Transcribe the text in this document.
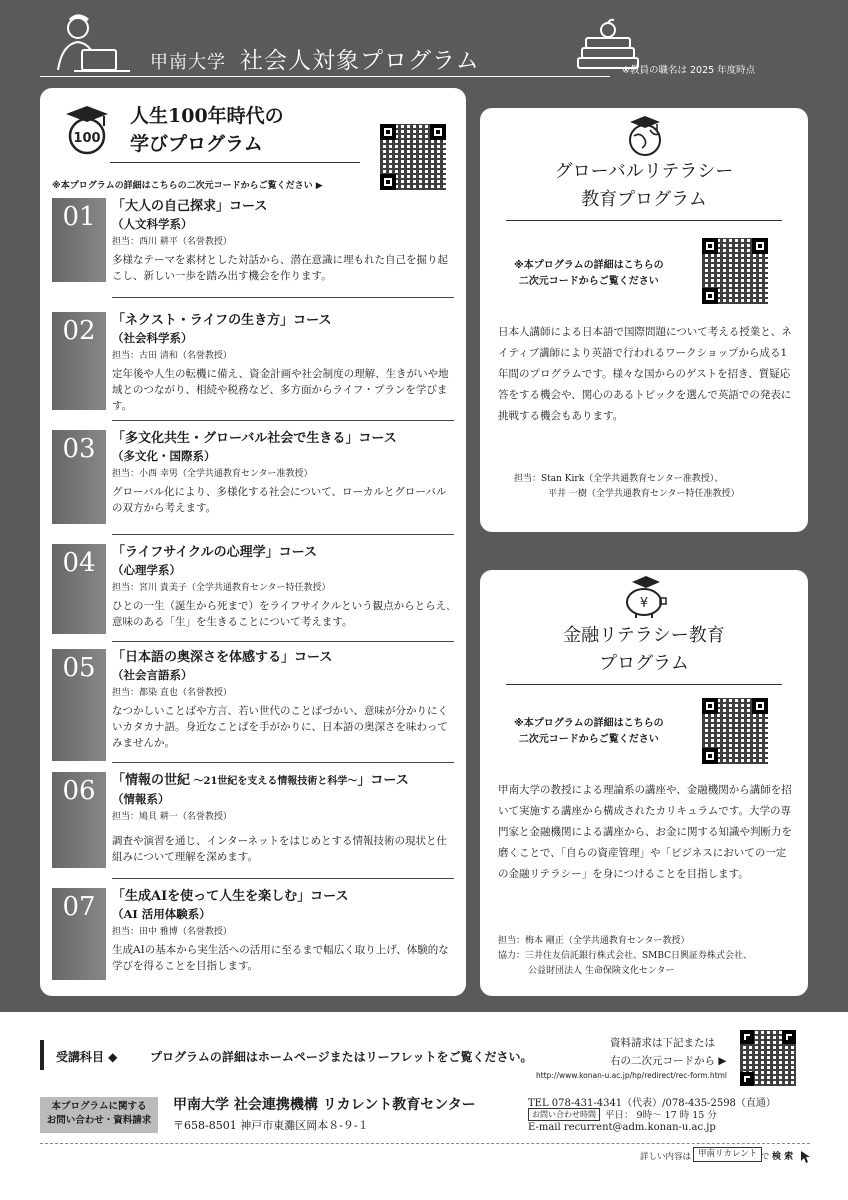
甲南大学 社会人対象プログラム	※教員の職名は 2025 年度時点
100
人生100年時代の
学びプログラム
※本プログラムの詳細はこちらの二次元コードからご覧ください ▶
01	「大人の自己探求」コース
（人文科学系）
担当：西川 耕平（名誉教授）
多様なテーマを素材とした対話から、潜在意識に埋もれた自己を掘り起こし、新しい一歩を踏み出す機会を作ります。
02	「ネクスト・ライフの生き方」コース
（社会科学系）
担当：古田 清和（名誉教授）
定年後や人生の転機に備え、資金計画や社会制度の理解、生きがいや地域とのつながり、相続や税務など、多方面からライフ・プランを学びます。
03	「多文化共生・グローバル社会で生きる」コース
（多文化・国際系）
担当：小西 幸男（全学共通教育センター准教授）
グローバル化により、多様化する社会について、ローカルとグローバルの双方から考えます。
04	「ライフサイクルの心理学」コース
（心理学系）
担当：宮川 貴美子（全学共通教育センター特任教授）
ひとの一生（誕生から死まで）をライフサイクルという観点からとらえ､意味のある「生」を生きることについて考えます。
05	「日本語の奥深さを体感する」コース
（社会言語系）
担当：都染 直也（名誉教授）
なつかしいことばや方言、若い世代のことばづかい、意味が分かりにくいカタカナ語。身近なことばを手がかりに、日本語の奥深さを味わってみませんか。
06	「情報の世紀 ～21世紀を支える情報技術と科学～」コース
（情報系）
担当：鳩貝 耕一（名誉教授）
調査や演習を通じ、インターネットをはじめとする情報技術の現状と仕組みについて理解を深めます。
07	「生成AIを使って人生を楽しむ」コース
（AI 活用体験系）
担当：田中 雅博（名誉教授）
生成AIの基本から実生活への活用に至るまで幅広く取り上げ、体験的な学びを得ることを目指します。
グローバルリテラシー
教育プログラム
※本プログラムの詳細はこちらの
二次元コードからご覧ください
日本人講師による日本語で国際問題について考える授業と、ネイティブ講師により英語で行われるワークショップから成る1年間のプログラムです。様々な国からのゲストを招き、質疑応答をする機会や、関心のあるトピックを選んで英語での発表に挑戦する機会もあります。
担当：Stan Kirk（全学共通教育センター准教授）、
平井 一樹（全学共通教育センター特任准教授）
¥
金融リテラシー教育
プログラム
※本プログラムの詳細はこちらの
二次元コードからご覧ください
甲南大学の教授による理論系の講座や、金融機関から講師を招いて実施する講座から構成されたカリキュラムです。大学の専門家と金融機関による講座から、お金に関する知識や判断力を磨くことで、「自らの資産管理」や「ビジネスにおいての一定の金融リテラシー」を身につけることを目指します。
担当：梅本 剛正（全学共通教育センター教授）
協力：三井住友信託銀行株式会社、SMBC日興証券株式会社、
公益財団法人 生命保険文化センター
受講科目 ◆	プログラムの詳細はホームページまたはリーフレットをご覧ください。
資料請求は下記または
右の二次元コードから ▶
http://www.konan-u.ac.jp/hp/redirect/rec-form.html
本プログラムに関する
お問い合わせ・資料請求
甲南大学 社会連携機構 リカレント教育センター
〒658-8501 神戸市東灘区岡本８-９-１
TEL 078-431-4341（代表）/078-435-2598（直通）
お問い合わせ時間 平日： 9時～ 17 時 15 分
E-mail recurrent@adm.konan-u.ac.jp
詳しい内容は 甲南リカレント で 検 索
